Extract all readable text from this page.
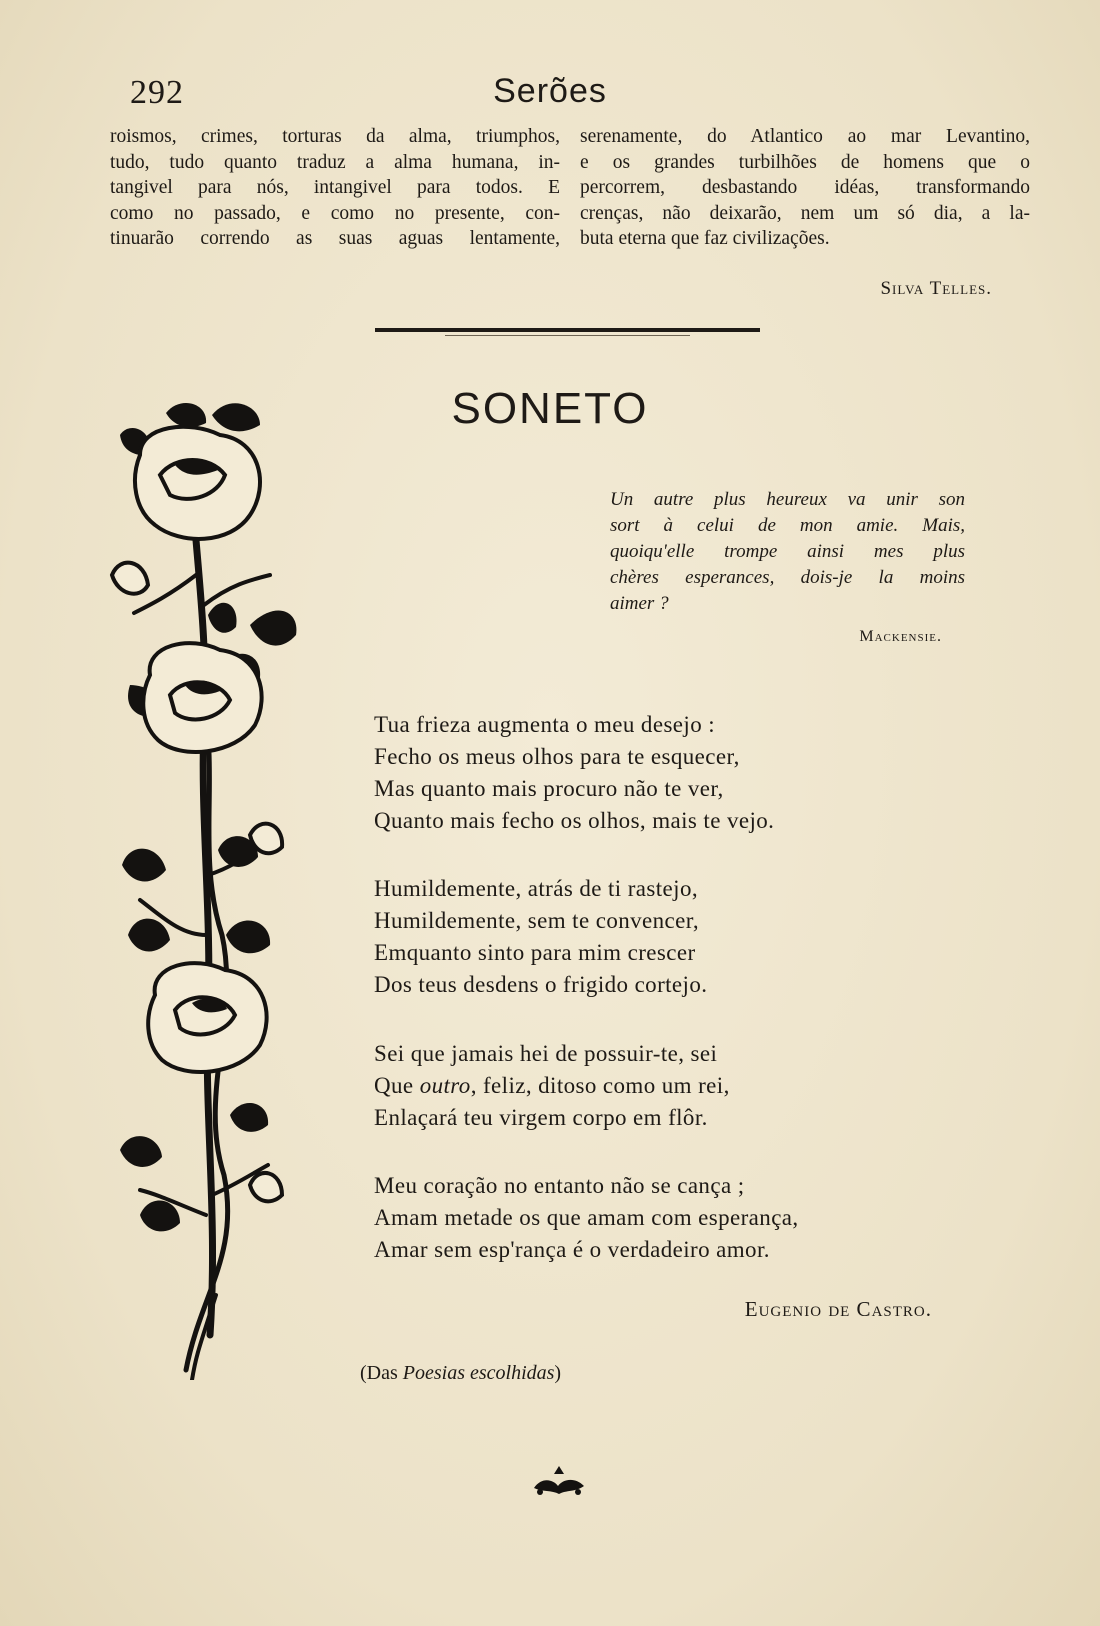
292	Serões
roismos, crimes, torturas da alma, triumphos,
tudo, tudo quanto traduz a alma humana, in-
tangivel para nós, intangivel para todos. E
como no passado, e como no presente, con-
tinuarão correndo as suas aguas lentamente,
serenamente, do Atlantico ao mar Levantino,
e os grandes turbilhões de homens que o
percorrem, desbastando idéas, transformando
crenças, não deixarão, nem um só dia, a la-
buta eterna que faz civilizações.
Silva Telles.
SONETO
Un autre plus heureux va unir son
sort à celui de mon amie. Mais,
quoiqu'elle trompe ainsi mes plus
chères esperances, dois-je la moins
aimer ?
Mackensie.
Tua frieza augmenta o meu desejo :
Fecho os meus olhos para te esquecer,
Mas quanto mais procuro não te ver,
Quanto mais fecho os olhos, mais te vejo.
Humildemente, atrás de ti rastejo,
Humildemente, sem te convencer,
Emquanto sinto para mim crescer
Dos teus desdens o frigido cortejo.
Sei que jamais hei de possuir-te, sei
Que outro, feliz, ditoso como um rei,
Enlaçará teu virgem corpo em flôr.
Meu coração no entanto não se cança ;
Amam metade os que amam com esperança,
Amar sem esp'rança é o verdadeiro amor.
Eugenio de Castro.
(Das Poesias escolhidas)
